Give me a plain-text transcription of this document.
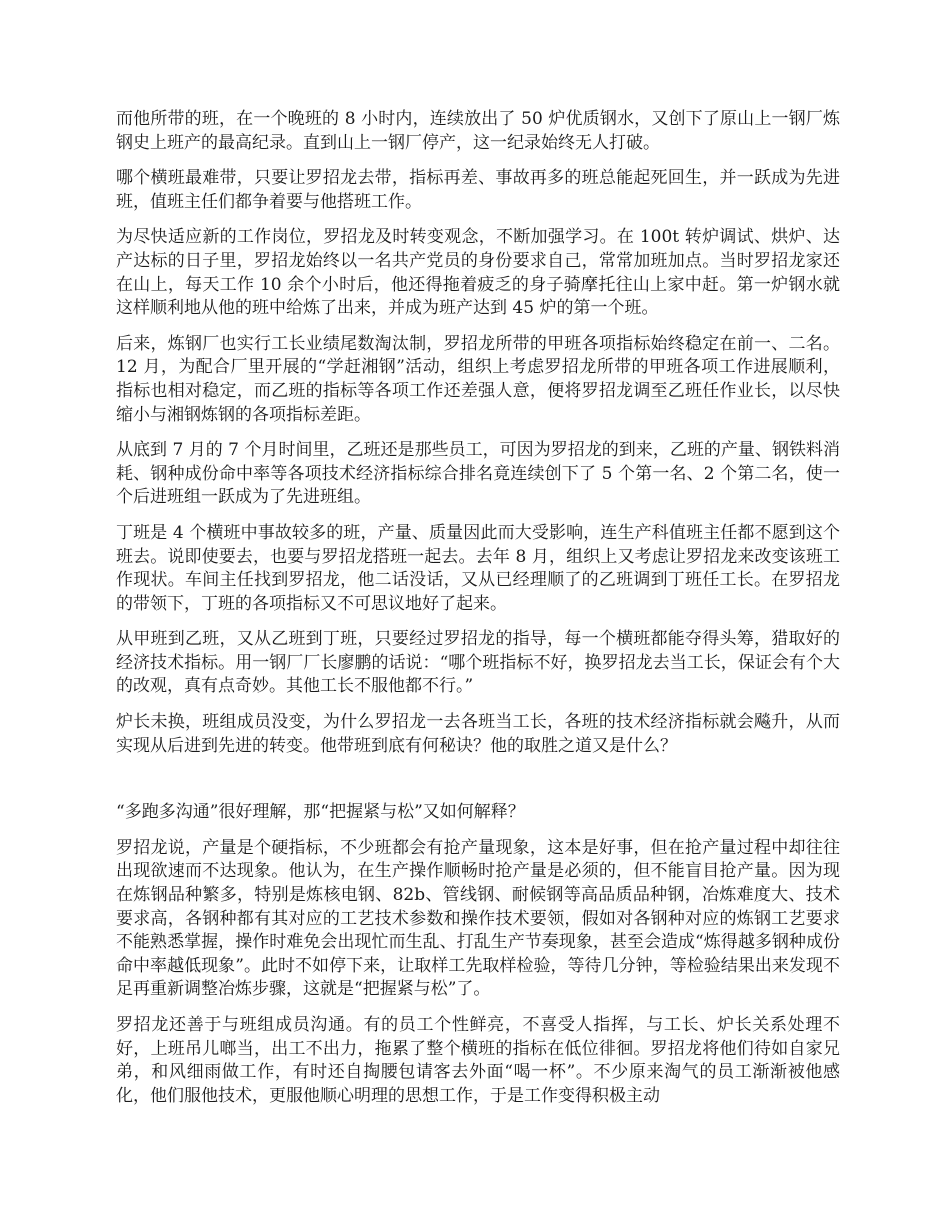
而他所带的班，在一个晚班的 8 小时内，连续放出了 50 炉优质钢水，又创下了原山上一钢厂炼钢史上班产的最高纪录。直到山上一钢厂停产，这一纪录始终无人打破。

哪个横班最难带，只要让罗招龙去带，指标再差、事故再多的班总能起死回生，并一跃成为先进班，值班主任们都争着要与他搭班工作。

为尽快适应新的工作岗位，罗招龙及时转变观念，不断加强学习。在 100t 转炉调试、烘炉、达产达标的日子里，罗招龙始终以一名共产党员的身份要求自己，常常加班加点。当时罗招龙家还在山上，每天工作 10 余个小时后，他还得拖着疲乏的身子骑摩托往山上家中赶。第一炉钢水就这样顺利地从他的班中给炼了出来，并成为班产达到 45 炉的第一个班。

后来，炼钢厂也实行工长业绩尾数淘汰制，罗招龙所带的甲班各项指标始终稳定在前一、二名。12 月，为配合厂里开展的“学赶湘钢”活动，组织上考虑罗招龙所带的甲班各项工作进展顺利，指标也相对稳定，而乙班的指标等各项工作还差强人意，便将罗招龙调至乙班任作业长，以尽快缩小与湘钢炼钢的各项指标差距。

从底到 7 月的 7 个月时间里，乙班还是那些员工，可因为罗招龙的到来，乙班的产量、钢铁料消耗、钢种成份命中率等各项技术经济指标综合排名竟连续创下了 5 个第一名、2 个第二名，使一个后进班组一跃成为了先进班组。

丁班是 4 个横班中事故较多的班，产量、质量因此而大受影响，连生产科值班主任都不愿到这个班去。说即使要去，也要与罗招龙搭班一起去。去年 8 月，组织上又考虑让罗招龙来改变该班工作现状。车间主任找到罗招龙，他二话没话，又从已经理顺了的乙班调到丁班任工长。在罗招龙的带领下，丁班的各项指标又不可思议地好了起来。

从甲班到乙班，又从乙班到丁班，只要经过罗招龙的指导，每一个横班都能夺得头筹，猎取好的经济技术指标。用一钢厂厂长廖鹏的话说：“哪个班指标不好，换罗招龙去当工长，保证会有个大的改观，真有点奇妙。其他工长不服他都不行。”

炉长未换，班组成员没变，为什么罗招龙一去各班当工长，各班的技术经济指标就会飚升，从而实现从后进到先进的转变。他带班到底有何秘诀？他的取胜之道又是什么？

“多跑多沟通”很好理解，那“把握紧与松”又如何解释？

罗招龙说，产量是个硬指标，不少班都会有抢产量现象，这本是好事，但在抢产量过程中却往往出现欲速而不达现象。他认为，在生产操作顺畅时抢产量是必须的，但不能盲目抢产量。因为现在炼钢品种繁多，特别是炼核电钢、82b、管线钢、耐候钢等高品质品种钢，冶炼难度大、技术要求高，各钢种都有其对应的工艺技术参数和操作技术要领，假如对各钢种对应的炼钢工艺要求不能熟悉掌握，操作时难免会出现忙而生乱、打乱生产节奏现象，甚至会造成“炼得越多钢种成份命中率越低现象”。此时不如停下来，让取样工先取样检验，等待几分钟，等检验结果出来发现不足再重新调整冶炼步骤，这就是“把握紧与松”了。

罗招龙还善于与班组成员沟通。有的员工个性鲜亮，不喜受人指挥，与工长、炉长关系处理不好，上班吊儿啷当，出工不出力，拖累了整个横班的指标在低位徘徊。罗招龙将他们待如自家兄弟，和风细雨做工作，有时还自掏腰包请客去外面“喝一杯”。不少原来淘气的员工渐渐被他感化，他们服他技术，更服他顺心明理的思想工作，于是工作变得积极主动
